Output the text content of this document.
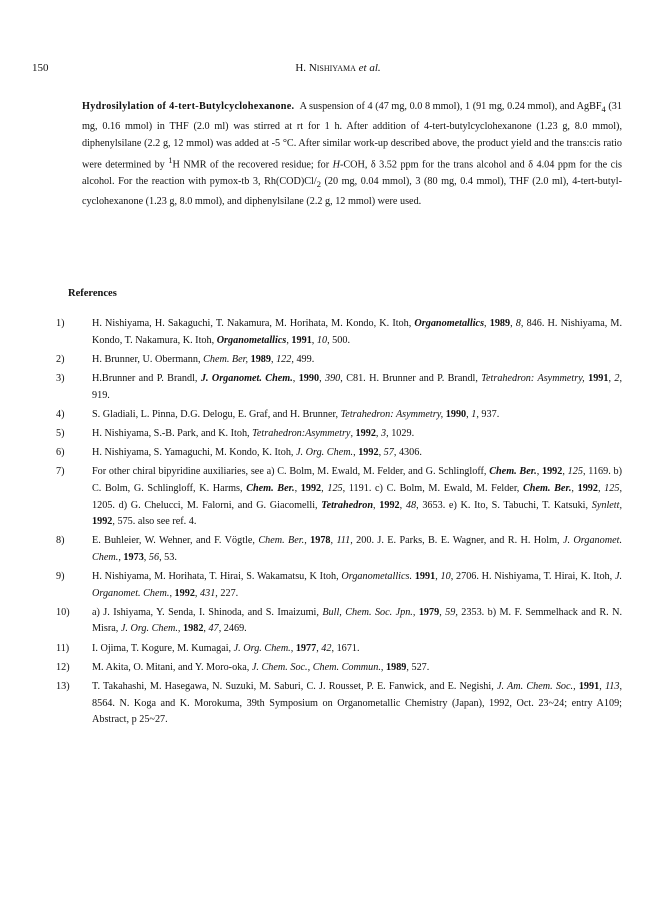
150	H. Nishiyama et al.

Hydrosilylation of 4-tert-Butylcyclohexanone. A suspension of 4 (47 mg, 0.0 8 mmol), 1 (91 mg, 0.24 mmol), and AgBF$_4$ (31 mg, 0.16 mmol) in THF (2.0 ml) was stirred at rt for 1 h. After addition of 4-tert-butylcyclohexanone (1.23 g, 8.0 mmol), diphenylsilane (2.2 g, 12 mmol) was added at -5 °C. After similar work-up described above, the product yield and the trans:cis ratio were determined by $^1$H NMR of the recovered residue; for H-COH, δ 3.52 ppm for the trans alcohol and δ 4.04 ppm for the cis alcohol. For the reaction with pymox-tb 3, $Rh(COD)Cl/_2$ (20 mg, 0.04 mmol), 3 (80 mg, 0.4 mmol), THF (2.0 ml), 4-tert-butyl-cyclohexanone (1.23 g, 8.0 mmol), and diphenylsilane (2.2 g, 12 mmol) were used.

References
1)	H. Nishiyama, H. Sakaguchi, T. Nakamura, M. Horihata, M. Kondo, K. Itoh, Organometallics, 1989, 8, 846. H. Nishiyama, M. Kondo, T. Nakamura, K. Itoh, Organometallics, 1991, 10, 500.
2)	H. Brunner, U. Obermann, Chem. Ber, 1989, 122, 499.
3)	H.Brunner and P. Brandl, J. Organomet. Chem., 1990, 390, C81. H. Brunner and P. Brandl, Tetrahedron: Asymmetry, 1991, 2, 919.
4)	S. Gladiali, L. Pinna, D.G. Delogu, E. Graf, and H. Brunner, Tetrahedron: Asymmetry, 1990, 1, 937.
5)	H. Nishiyama, S.-B. Park, and K. Itoh, Tetrahedron:Asymmetry, 1992, 3, 1029.
6)	H. Nishiyama, S. Yamaguchi, M. Kondo, K. Itoh, J. Org. Chem., 1992, 57, 4306.
7)	For other chiral bipyridine auxiliaries, see a) C. Bolm, M. Ewald, M. Felder, and G. Schlingloff, Chem. Ber., 1992, 125, 1169. b) C. Bolm, G. Schlingloff, K. Harms, Chem. Ber., 1992, 125, 1191. c) C. Bolm, M. Ewald, M. Felder, Chem. Ber., 1992, 125, 1205. d) G. Chelucci, M. Falorni, and G. Giacomelli, Tetrahedron, 1992, 48, 3653. e) K. Ito, S. Tabuchi, T. Katsuki, Synlett, 1992, 575. also see ref. 4.
8)	E. Buhleier, W. Wehner, and F. Vögtle, Chem. Ber., 1978, 111, 200. J. E. Parks, B. E. Wagner, and R. H. Holm, J. Organomet. Chem., 1973, 56, 53.
9)	H. Nishiyama, M. Horihata, T. Hirai, S. Wakamatsu, K Itoh, Organometallics. 1991, 10, 2706. H. Nishiyama, T. Hirai, K. Itoh, J. Organomet. Chem., 1992, 431, 227.
10)	a) J. Ishiyama, Y. Senda, I. Shinoda, and S. Imaizumi, Bull, Chem. Soc. Jpn., 1979, 59, 2353. b) M. F. Semmelhack and R. N. Misra, J. Org. Chem., 1982, 47, 2469.
11)	I. Ojima, T. Kogure, M. Kumagai, J. Org. Chem., 1977, 42, 1671.
12)	M. Akita, O. Mitani, and Y. Moro-oka, J. Chem. Soc., Chem. Commun., 1989, 527.
13)	T. Takahashi, M. Hasegawa, N. Suzuki, M. Saburi, C. J. Rousset, P. E. Fanwick, and E. Negishi, J. Am. Chem. Soc., 1991, 113, 8564. N. Koga and K. Morokuma, 39th Symposium on Organometallic Chemistry (Japan), 1992, Oct. 23~24; entry A109; Abstract, p 25~27.
